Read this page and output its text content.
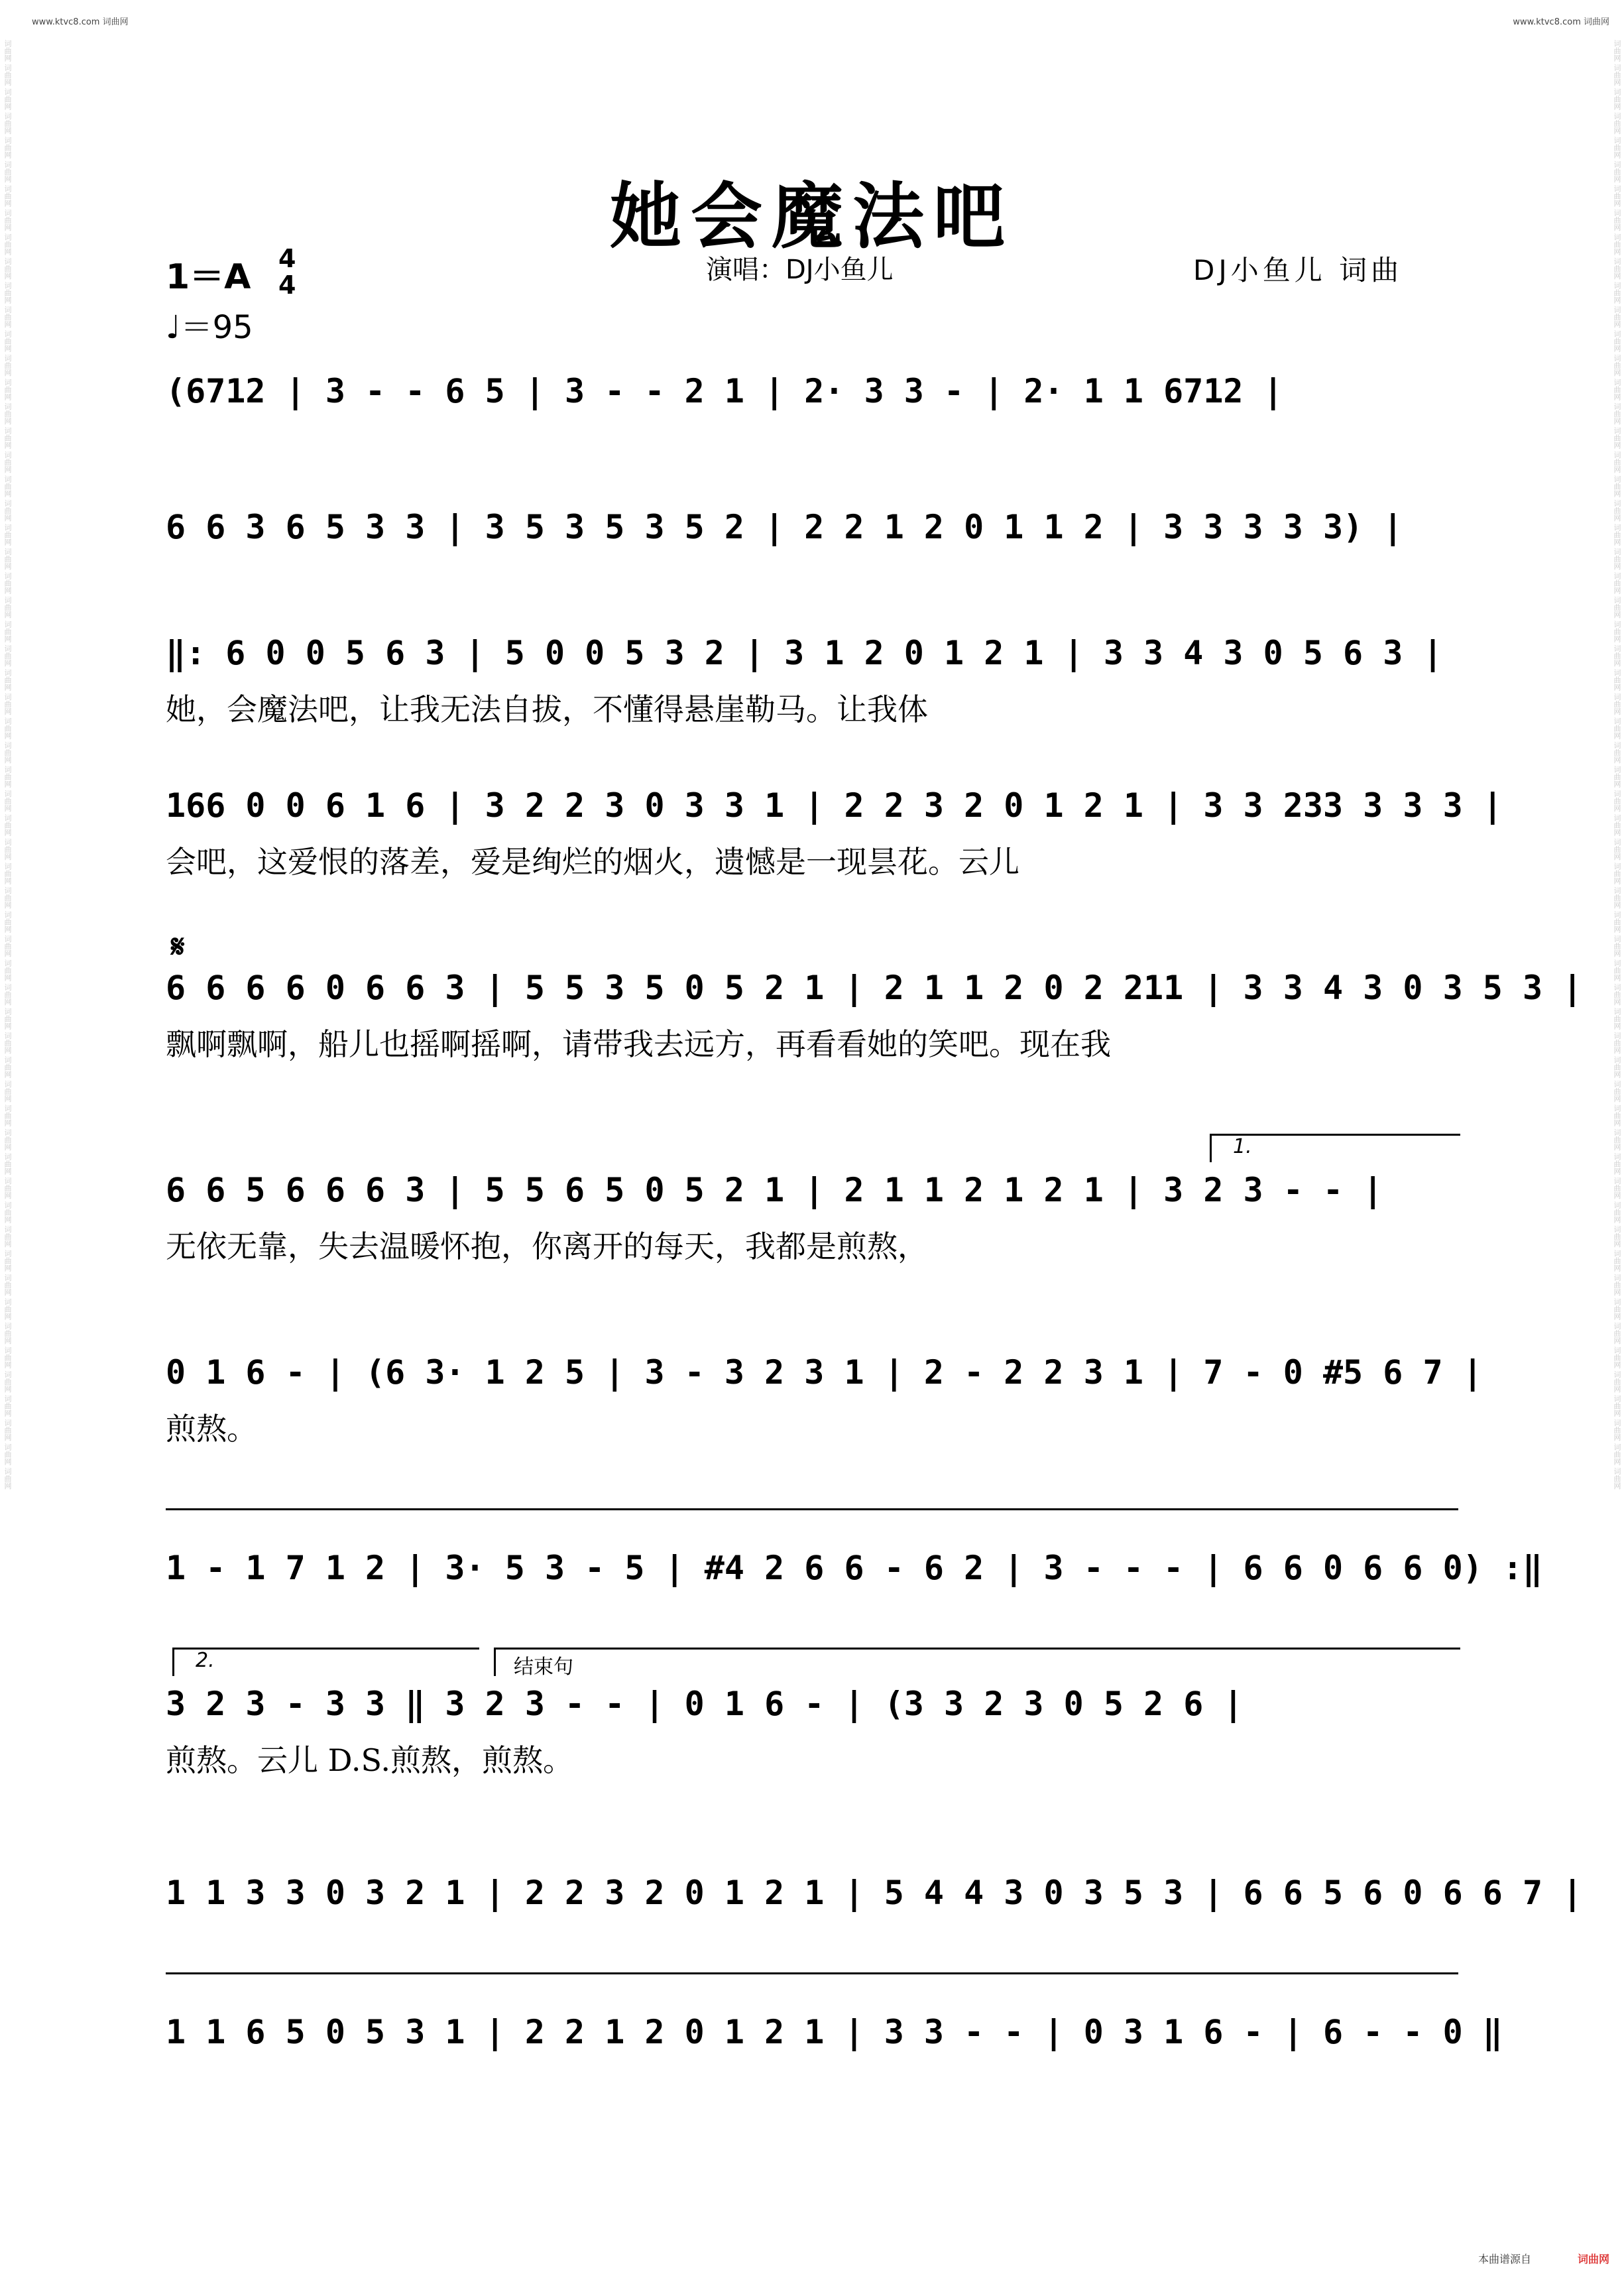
www.ktvc8.com 词曲网	www.ktvc8.com 词曲网
她会魔法吧
1＝A 4
4
♩＝95
演唱：DJ小鱼儿	DJ小鱼儿 词曲
𝄋
(6712 | 3 - - 6 5 | 3 - - 2 1 | 2· 3 3 - | 2· 1 1 6712 |
6 6 3 6 5 3 3 | 3 5 3 5 3 5 2 | 2 2 1 2 0 1 1 2 | 3 3 3 3 3) |
‖: 6 0 0 5 6 3 | 5 0 0 5 3 2 | 3 1 2 0 1 2 1 | 3 3 4 3 0 5 6 3 |
她，会魔法吧，让我无法自拔，不懂得悬崖勒马。让我体
166 0 0 6 1 6 | 3 2 2 3 0 3 3 1 | 2 2 3 2 0 1 2 1 | 3 3 233 3 3 3 |
会吧，这爱恨的落差，爱是绚烂的烟火，遗憾是一现昙花。云儿
6 6 6 6 0 6 6 3 | 5 5 3 5 0 5 2 1 | 2 1 1 2 0 2 211 | 3 3 4 3 0 3 5 3 |
飘啊飘啊，船儿也摇啊摇啊，请带我去远方，再看看她的笑吧。现在我
6 6 5 6 6 6 3 | 5 5 6 5 0 5 2 1 | 2 1 1 2 1 2 1 | 3 2 3 - - |
无依无靠，失去温暖怀抱，你离开的每天，我都是煎熬，
1.
0 1 6 - | (6 3· 1 2 5 | 3 - 3 2 3 1 | 2 - 2 2 3 1 | 7 - 0 #5 6 7 |
煎熬。
1 - 1 7 1 2 | 3· 5 3 - 5 | #4 2 6 6 - 6 2 | 3 - - - | 6 6 0 6 6 0) :‖
3 2 3 - 3 3 ‖ 3 2 3 - - | 0 1 6 - | (3 3 2 3 0 5 2 6 |
煎熬。云儿 D.S.煎熬，煎熬。
2.	结束句
1 1 3 3 0 3 2 1 | 2 2 3 2 0 1 2 1 | 5 4 4 3 0 3 5 3 | 6 6 5 6 0 6 6 7 |
1 1 6 5 0 5 3 1 | 2 2 1 2 0 1 2 1 | 3 3 - - | 0 3 1 6 - | 6 - - 0 ‖
本曲谱源自	词曲网
词曲网 词曲网 词曲网 词曲网 词曲网 词曲网 词曲网 词曲网 词曲网 词曲网 词曲网 词曲网 词曲网 词曲网 词曲网 词曲网 词曲网 词曲网 词曲网 词曲网 词曲网 词曲网 词曲网 词曲网 词曲网 词曲网 词曲网 词曲网 词曲网 词曲网 词曲网 词曲网 词曲网 词曲网 词曲网 词曲网 词曲网 词曲网 词曲网 词曲网 词曲网 词曲网 词曲网 词曲网 词曲网 词曲网 词曲网 词曲网 词曲网 词曲网 词曲网 词曲网 词曲网 词曲网 词曲网 词曲网 词曲网 词曲网 词曲网 词曲网	词曲网 词曲网 词曲网 词曲网 词曲网 词曲网 词曲网 词曲网 词曲网 词曲网 词曲网 词曲网 词曲网 词曲网 词曲网 词曲网 词曲网 词曲网 词曲网 词曲网 词曲网 词曲网 词曲网 词曲网 词曲网 词曲网 词曲网 词曲网 词曲网 词曲网 词曲网 词曲网 词曲网 词曲网 词曲网 词曲网 词曲网 词曲网 词曲网 词曲网 词曲网 词曲网 词曲网 词曲网 词曲网 词曲网 词曲网 词曲网 词曲网 词曲网 词曲网 词曲网 词曲网 词曲网 词曲网 词曲网 词曲网 词曲网 词曲网 词曲网
